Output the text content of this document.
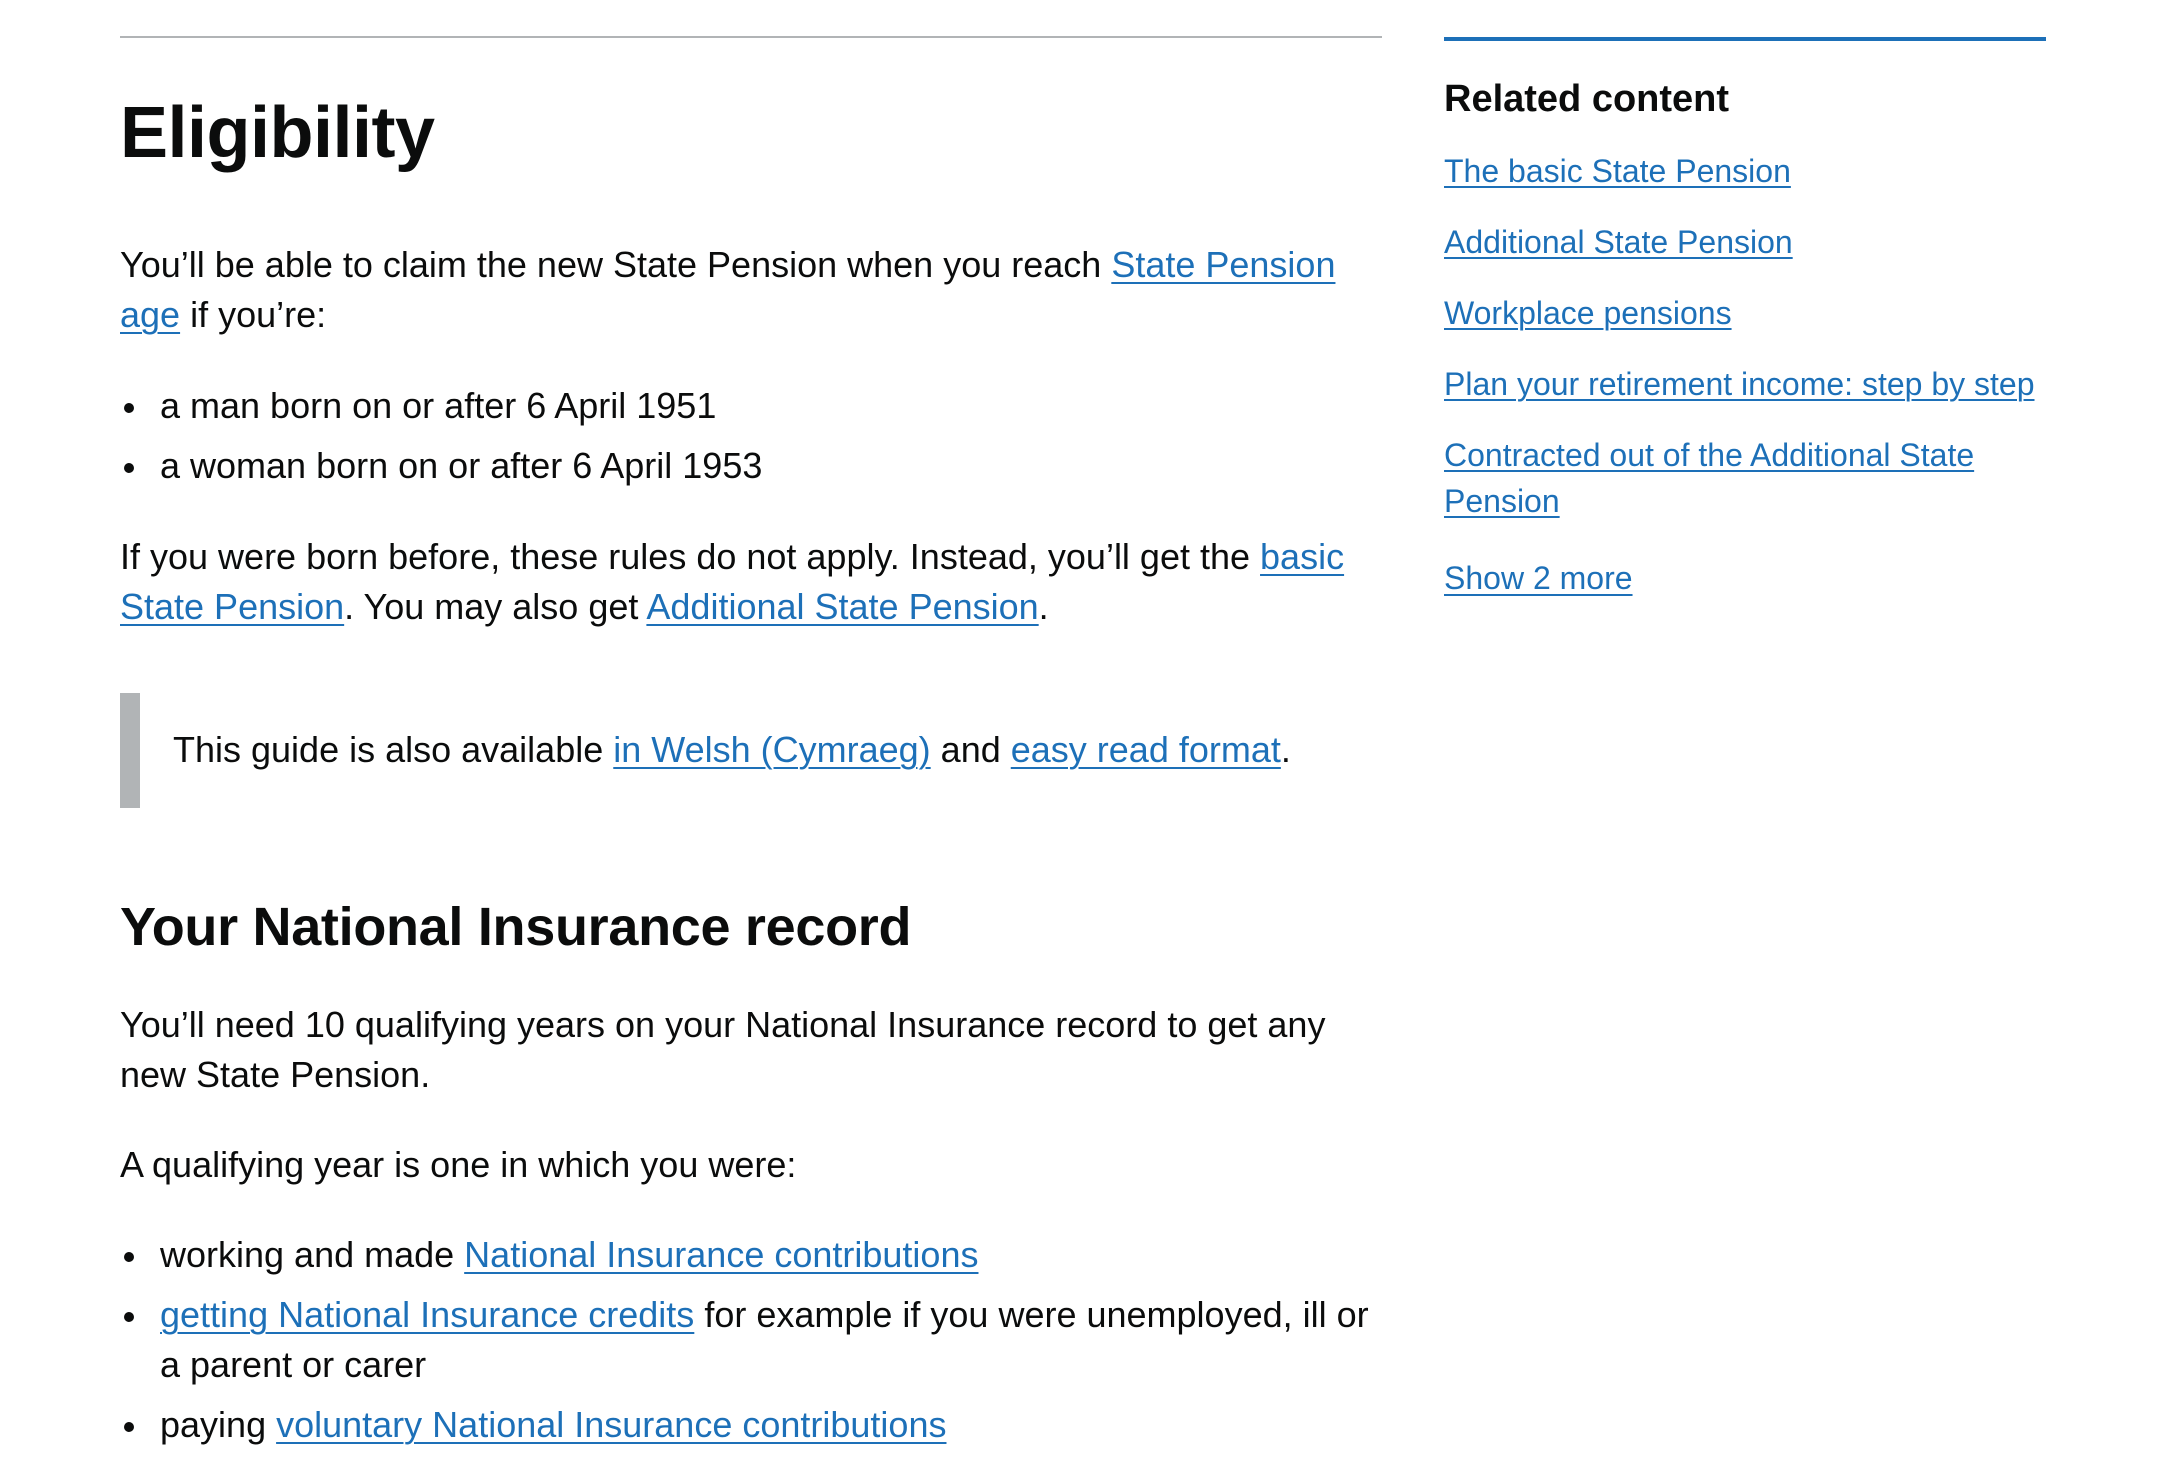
Eligibility

You’ll be able to claim the new State Pension when you reach State Pension age if you’re:

a man born on or after 6 April 1951
a woman born on or after 6 April 1953

If you were born before, these rules do not apply. Instead, you’ll get the basic State Pension. You may also get Additional State Pension.

This guide is also available in Welsh (Cymraeg) and easy read format.

Your National Insurance record

You’ll need 10 qualifying years on your National Insurance record to get any new State Pension.

A qualifying year is one in which you were:

working and made National Insurance contributions
getting National Insurance credits for example if you were unemployed, ill or a parent or carer
paying voluntary National Insurance contributions
Related content
The basic State Pension
Additional State Pension
Workplace pensions
Plan your retirement income: step by step
Contracted out of the Additional State Pension
Show 2 more
